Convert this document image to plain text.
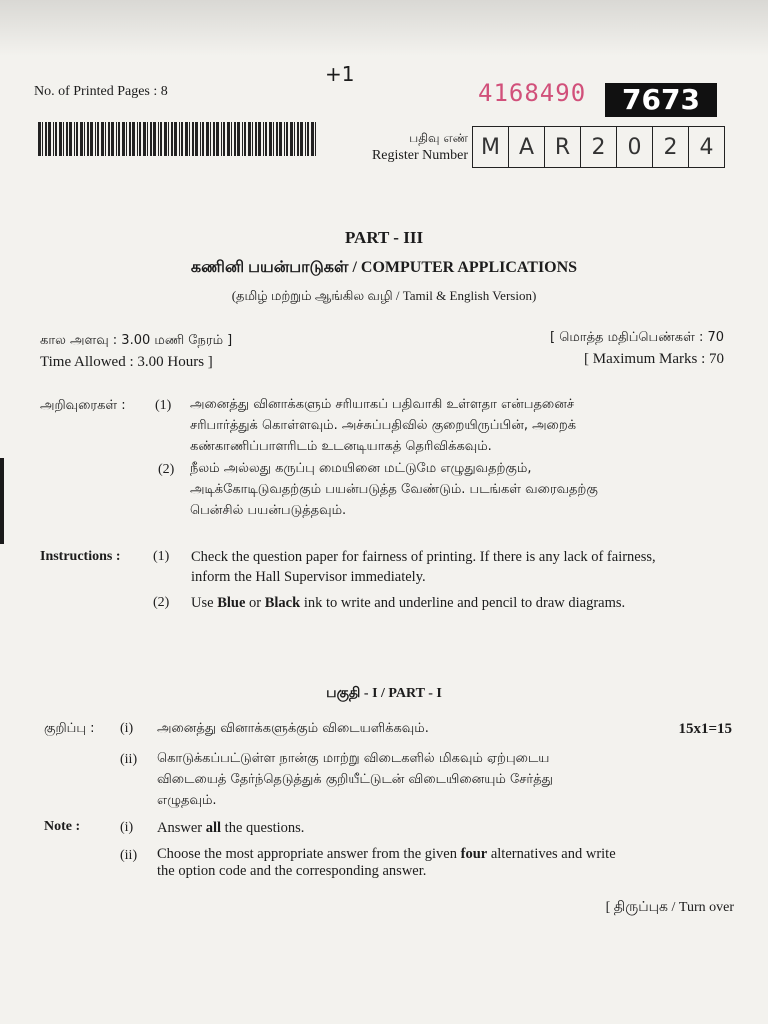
No. of Printed Pages : 8
+1
4168490	7673
பதிவு எண்
Register Number M A R 2	0	2	4
PART - III
கணினி பயன்பாடுகள் / COMPUTER APPLICATIONS
(தமிழ் மற்றும் ஆங்கில வழி / Tamil & English Version)
கால அளவு : 3.00 மணி நேரம் ]
Time Allowed : 3.00 Hours ]
[ மொத்த மதிப்பெண்கள் : 70
[ Maximum Marks : 70
அறிவுரைகள் : (1) அனைத்து வினாக்களும் சரியாகப் பதிவாகி உள்ளதா என்பதனைச்
சரிபார்த்துக் கொள்ளவும். அச்சுப்பதிவில் குறையிருப்பின், அறைக்
கண்காணிப்பாளரிடம் உடனடியாகத் தெரிவிக்கவும்.
(2) நீலம் அல்லது கருப்பு மையினை மட்டுமே எழுதுவதற்கும்,
அடிக்கோடிடுவதற்கும் பயன்படுத்த வேண்டும். படங்கள் வரைவதற்கு
பென்சில் பயன்படுத்தவும்.
Instructions : (1) Check the question paper for fairness of printing. If there is any lack of fairness,
inform the Hall Supervisor immediately.
(2) Use Blue or Black ink to write and underline and pencil to draw diagrams.
பகுதி - I / PART - I
குறிப்பு : (i) அனைத்து வினாக்களுக்கும் விடையளிக்கவும்.	15x1=15
(ii) கொடுக்கப்பட்டுள்ள நான்கு மாற்று விடைகளில் மிகவும் ஏற்புடைய
விடையைத் தேர்ந்தெடுத்துக் குறியீட்டுடன் விடையினையும் சேர்த்து
எழுதவும்.
Note :	(i) Answer all the questions.
(ii) Choose the most appropriate answer from the given four alternatives and write
the option code and the corresponding answer.
[ திருப்புக / Turn over
